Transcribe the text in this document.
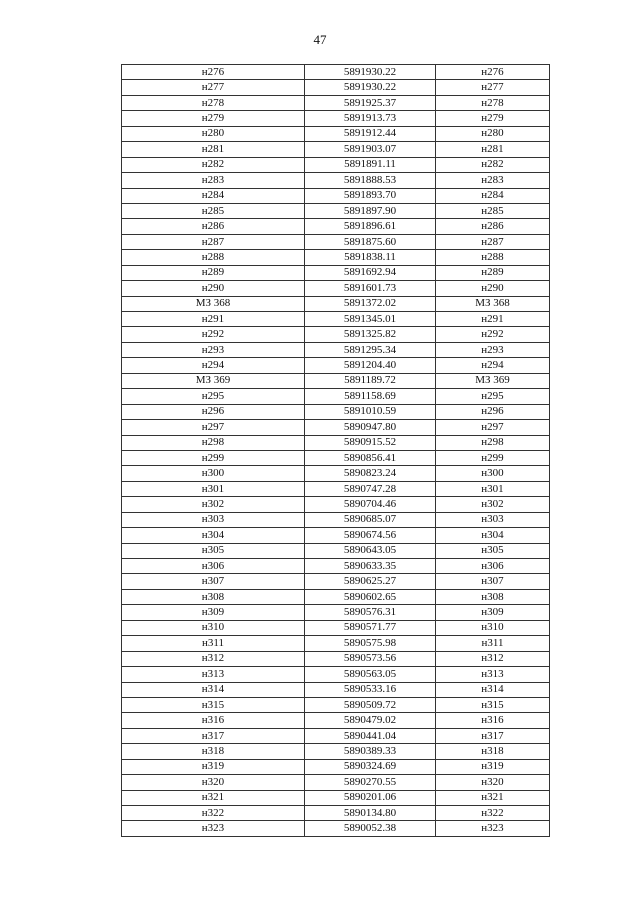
47
н276	5891930.22	н276
н277	5891930.22	н277
н278	5891925.37	н278
н279	5891913.73	н279
н280	5891912.44	н280
н281	5891903.07	н281
н282	5891891.11	н282
н283	5891888.53	н283
н284	5891893.70	н284
н285	5891897.90	н285
н286	5891896.61	н286
н287	5891875.60	н287
н288	5891838.11	н288
н289	5891692.94	н289
н290	5891601.73	н290
МЗ 368	5891372.02	МЗ 368
н291	5891345.01	н291
н292	5891325.82	н292
н293	5891295.34	н293
н294	5891204.40	н294
МЗ 369	5891189.72	МЗ 369
н295	5891158.69	н295
н296	5891010.59	н296
н297	5890947.80	н297
н298	5890915.52	н298
н299	5890856.41	н299
н300	5890823.24	н300
н301	5890747.28	н301
н302	5890704.46	н302
н303	5890685.07	н303
н304	5890674.56	н304
н305	5890643.05	н305
н306	5890633.35	н306
н307	5890625.27	н307
н308	5890602.65	н308
н309	5890576.31	н309
н310	5890571.77	н310
н311	5890575.98	н311
н312	5890573.56	н312
н313	5890563.05	н313
н314	5890533.16	н314
н315	5890509.72	н315
н316	5890479.02	н316
н317	5890441.04	н317
н318	5890389.33	н318
н319	5890324.69	н319
н320	5890270.55	н320
н321	5890201.06	н321
н322	5890134.80	н322
н323	5890052.38	н323
